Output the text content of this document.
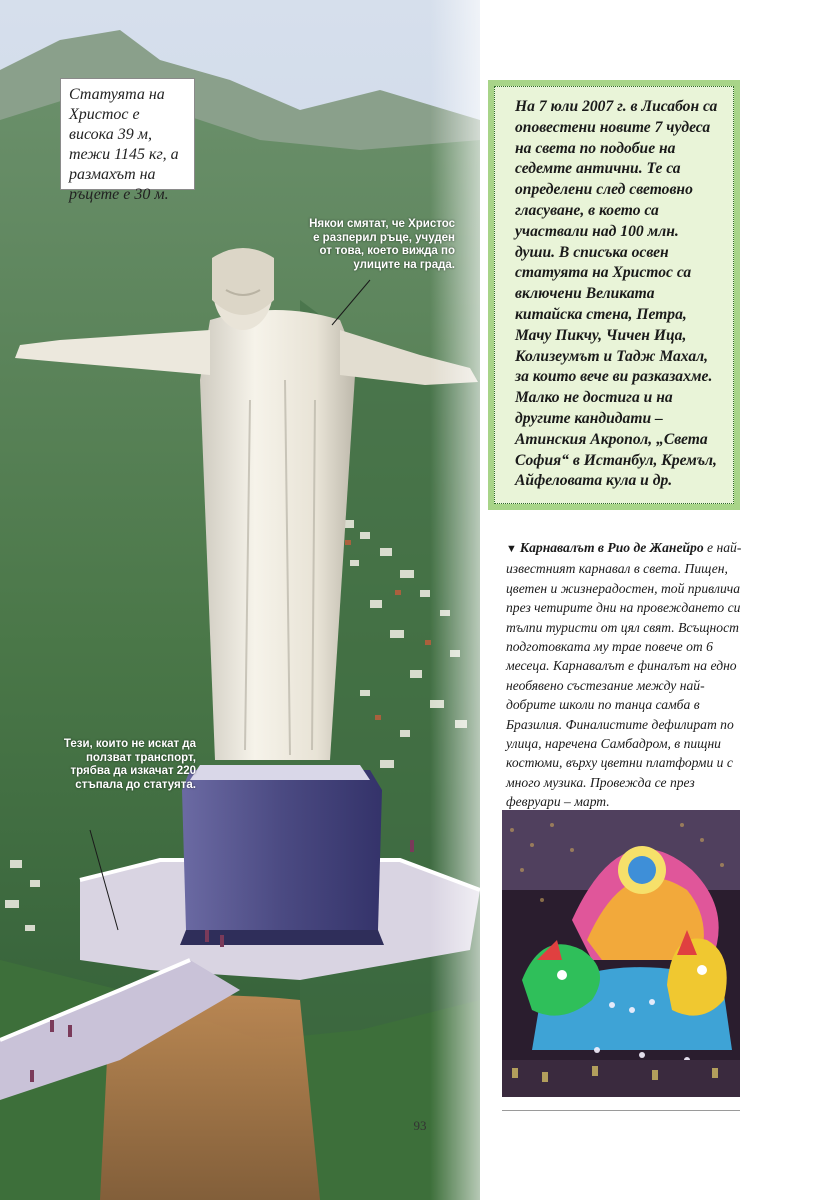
Статуята на Христос е висока 39 м, тежи 1145 кг, а размахът на ръцете е 30 м.
Някои смятат, че Христос е разперил ръце, учуден от това, което вижда по улиците на града.
Тези, които не искат да ползват транспорт, трябва да изкачат 220 стъпала до статуята.
На 7 юли 2007 г. в Лисабон са оповестени новите 7 чудеса на света по подобие на седемте антични. Те са определени след световно гласуване, в което са участвали над 100 млн. души. В списъка освен статуята на Христос са включени Великата китайска стена, Петра, Мачу Пикчу, Чичен Ица, Колизеумът и Тадж Махал, за които вече ви разказахме. Малко не достига и на другите кандидати – Атинския Акропол, „Света София“ в Истанбул, Кремъл, Айфеловата кула и др.
▼ Карнавалът в Рио де Жанейро е най-известният карнавал в света. Пищен, цветен и жизнерадостен, той привлича през четирите дни на провеждането си тълпи туристи от цял свят. Всъщност подготовката му трае повече от 6 месеца. Карнавалът е финалът на едно необявено състезание между най-добрите школи по танца самба в Бразилия. Финалистите дефилират по улица, наречена Самбадром, в пищни костюми, върху цветни платформи и с много музика. Провежда се през февруари – март.
93
